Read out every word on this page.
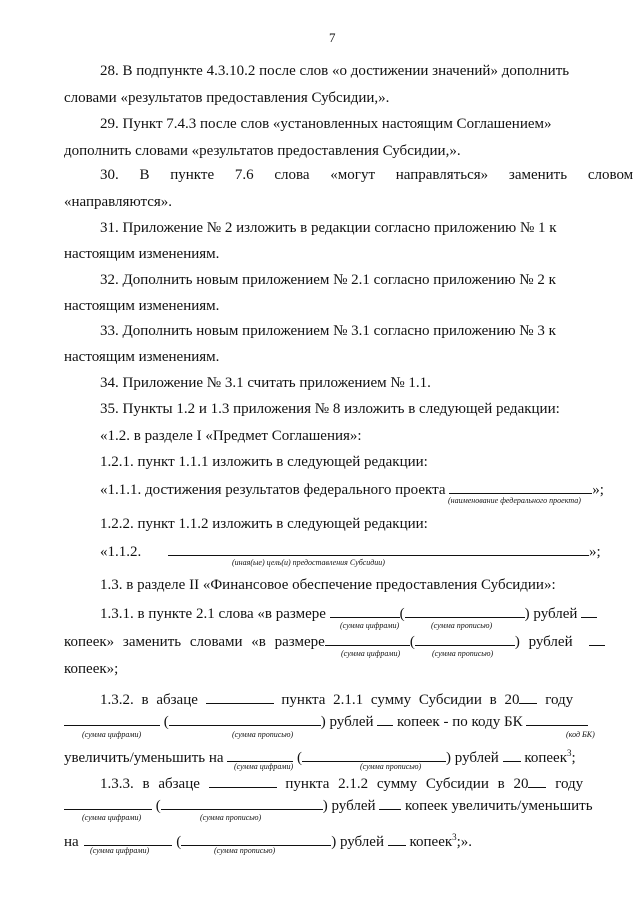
7
28. В подпункте 4.3.10.2 после слов «о достижении значений» дополнить
словами «результатов предоставления Субсидии,».
29. Пункт 7.4.3 после слов «установленных настоящим Соглашением»
дополнить словами «результатов предоставления Субсидии,».
30. В пункте 7.6 слова «могут направляться» заменить словом
«направляются».
31. Приложение № 2 изложить в редакции согласно приложению № 1 к
настоящим изменениям.
32. Дополнить новым приложением № 2.1 согласно приложению № 2 к
настоящим изменениям.
33. Дополнить новым приложением № 3.1 согласно приложению № 3 к
настоящим изменениям.
34. Приложение № 3.1 считать приложением № 1.1.
35. Пункты 1.2 и 1.3 приложения № 8 изложить в следующей редакции:
«1.2. в разделе I «Предмет Соглашения»:
1.2.1. пункт 1.1.1 изложить в следующей редакции:
«1.1.1. достижения результатов федерального проекта	»;
(наименование федерального проекта)
1.2.2. пункт 1.1.2 изложить в следующей редакции:
«1.1.2.	»;
(иная(ые) цель(и) предоставления Субсидии)
1.3. в разделе II «Финансовое обеспечение предоставления Субсидии»:
1.3.1. в пункте 2.1 слова «в размере	(	) рублей
(сумма цифрами)	(сумма прописью)
копеек» заменить словами «в размере	(	) рублей
(сумма цифрами)	(сумма прописью)
копеек»;
1.3.2. в абзаце	пункта 2.1.1 сумму Субсидии в 20 году
(	) рублей копеек - по коду БК
(сумма цифрами)	(сумма прописью)	(код БК)
увеличить/уменьшить на	(	) рублей копеек$^3$;
(сумма цифрами)	(сумма прописью)
1.3.3. в абзаце	пункта 2.1.2 сумму Субсидии в 20 году
(	) рублей копеек увеличить/уменьшить
(сумма цифрами)	(сумма прописью)
на	(	) рублей копеек$^3$;».
(сумма цифрами)	(сумма прописью)
